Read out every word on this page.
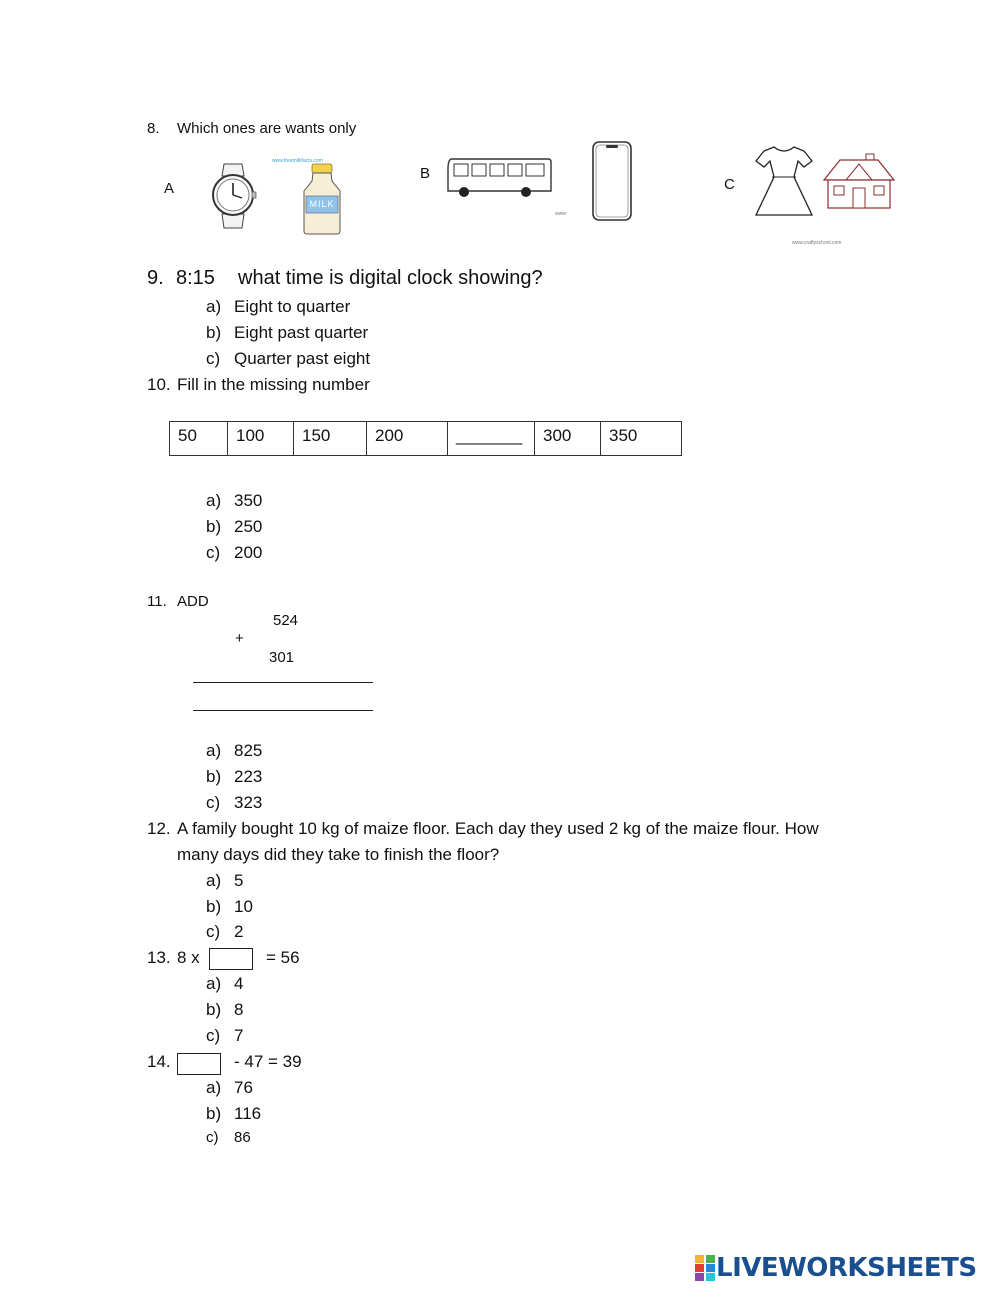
8. Which ones are wants only
A
B
C
www.freemilkfacts.com
MILK
www
www.craftyschool.com
9. 8:15 what time is digital clock showing?
a) Eight to quarter
b) Eight past quarter
c) Quarter past eight
10. Fill in the missing number
50	100	150	200	_______	300	350
a) 350
b) 250
c) 200
11. ADD
524
+
301
a) 825
b) 223
c) 323
12. A family bought 10 kg of maize floor. Each day they used 2 kg of the maize flour. How
many days did they take to finish the floor?
a) 5
b) 10
c) 2
13. 8 x	= 56
a) 4
b) 8
c) 7
14.	- 47 = 39
a) 76
b) 116
c) 86
LIVEWORKSHEETS
